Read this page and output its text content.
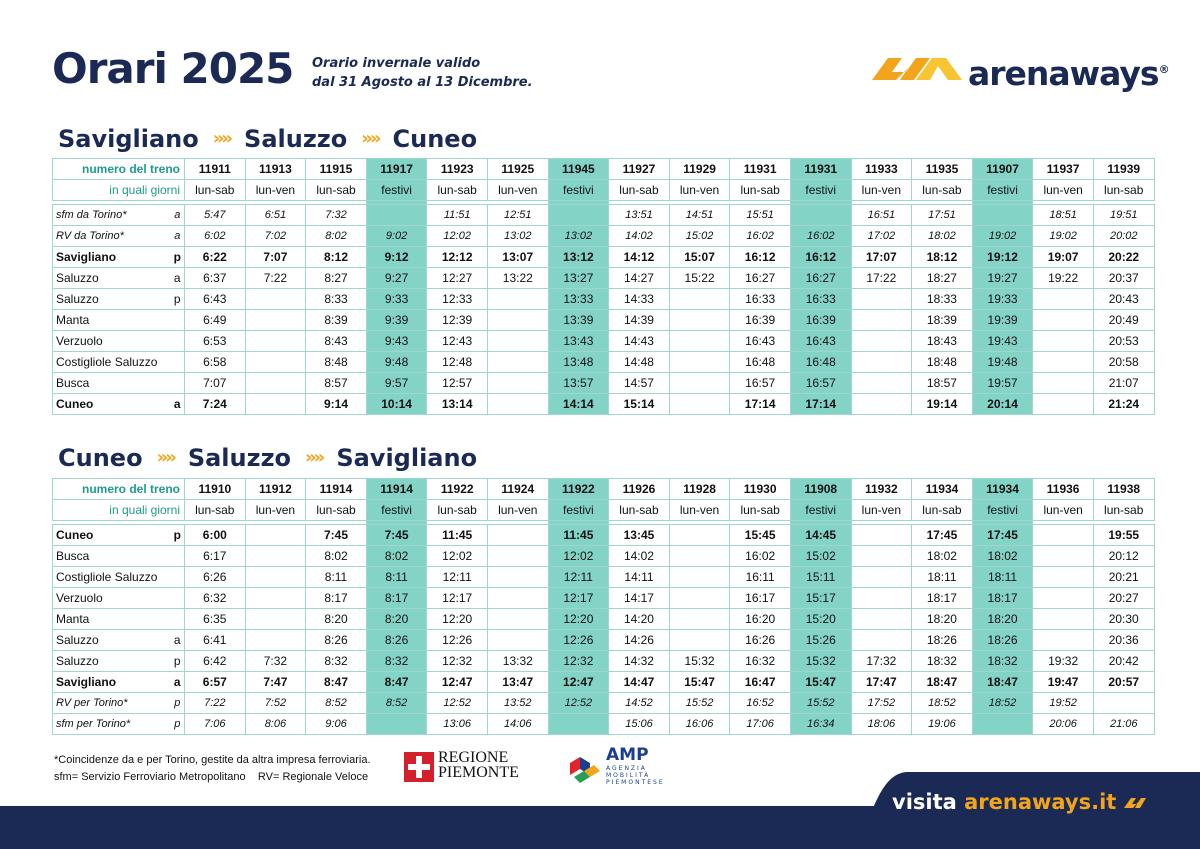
Orari 2025 Orario invernale valido
dal 31 Agosto al 13 Dicembre.	arenaways®
Savigliano »» Saluzzo »» Cuneo
numero del treno		11911	11913	11915	11917	11923	11925	11945	11927	11929	11931	11931	11933	11935	11907	11937	11939
in quali giorni		lun-sab	lun-ven	lun-sab	festivi	lun-sab	lun-ven	festivi	lun-sab	lun-ven	lun-sab	festivi	lun-ven	lun-sab	festivi	lun-ven	lun-sab

sfm da Torino*	a	5:47	6:51	7:32		11:51	12:51		13:51	14:51	15:51		16:51	17:51		18:51	19:51
RV da Torino*	a	6:02	7:02	8:02	9:02	12:02	13:02	13:02	14:02	15:02	16:02	16:02	17:02	18:02	19:02	19:02	20:02
Savigliano	p	6:22	7:07	8:12	9:12	12:12	13:07	13:12	14:12	15:07	16:12	16:12	17:07	18:12	19:12	19:07	20:22
Saluzzo	a	6:37	7:22	8:27	9:27	12:27	13:22	13:27	14:27	15:22	16:27	16:27	17:22	18:27	19:27	19:22	20:37
Saluzzo	p	6:43		8:33	9:33	12:33		13:33	14:33		16:33	16:33		18:33	19:33		20:43
Manta		6:49		8:39	9:39	12:39		13:39	14:39		16:39	16:39		18:39	19:39		20:49
Verzuolo		6:53		8:43	9:43	12:43		13:43	14:43		16:43	16:43		18:43	19:43		20:53
Costigliole Saluzzo		6:58		8:48	9:48	12:48		13:48	14:48		16:48	16:48		18:48	19:48		20:58
Busca		7:07		8:57	9:57	12:57		13:57	14:57		16:57	16:57		18:57	19:57		21:07
Cuneo	a	7:24		9:14	10:14	13:14		14:14	15:14		17:14	17:14		19:14	20:14		21:24
Cuneo »» Saluzzo »» Savigliano
numero del treno		11910	11912	11914	11914	11922	11924	11922	11926	11928	11930	11908	11932	11934	11934	11936	11938
in quali giorni		lun-sab	lun-ven	lun-sab	festivi	lun-sab	lun-ven	festivi	lun-sab	lun-ven	lun-sab	festivi	lun-ven	lun-sab	festivi	lun-ven	lun-sab

Cuneo	p	6:00		7:45	7:45	11:45		11:45	13:45		15:45	14:45		17:45	17:45		19:55
Busca		6:17		8:02	8:02	12:02		12:02	14:02		16:02	15:02		18:02	18:02		20:12
Costigliole Saluzzo		6:26		8:11	8:11	12:11		12:11	14:11		16:11	15:11		18:11	18:11		20:21
Verzuolo		6:32		8:17	8:17	12:17		12:17	14:17		16:17	15:17		18:17	18:17		20:27
Manta		6:35		8:20	8:20	12:20		12:20	14:20		16:20	15:20		18:20	18:20		20:30
Saluzzo	a	6:41		8:26	8:26	12:26		12:26	14:26		16:26	15:26		18:26	18:26		20:36
Saluzzo	p	6:42	7:32	8:32	8:32	12:32	13:32	12:32	14:32	15:32	16:32	15:32	17:32	18:32	18:32	19:32	20:42
Savigliano	a	6:57	7:47	8:47	8:47	12:47	13:47	12:47	14:47	15:47	16:47	15:47	17:47	18:47	18:47	19:47	20:57
RV per Torino*	p	7:22	7:52	8:52	8:52	12:52	13:52	12:52	14:52	15:52	16:52	15:52	17:52	18:52	18:52	19:52	
sfm per Torino*	p	7:06	8:06	9:06		13:06	14:06		15:06	16:06	17:06	16:34	18:06	19:06		20:06	21:06
*Coincidenze da e per Torino, gestite da altra impresa ferroviaria.
sfm= Servizio Ferroviario Metropolitano    RV= Regionale Veloce
REGIONE
PIEMONTE
AMP
AGENZIA
MOBILITÀ
PIEMONTESE
visita arenaways.it
